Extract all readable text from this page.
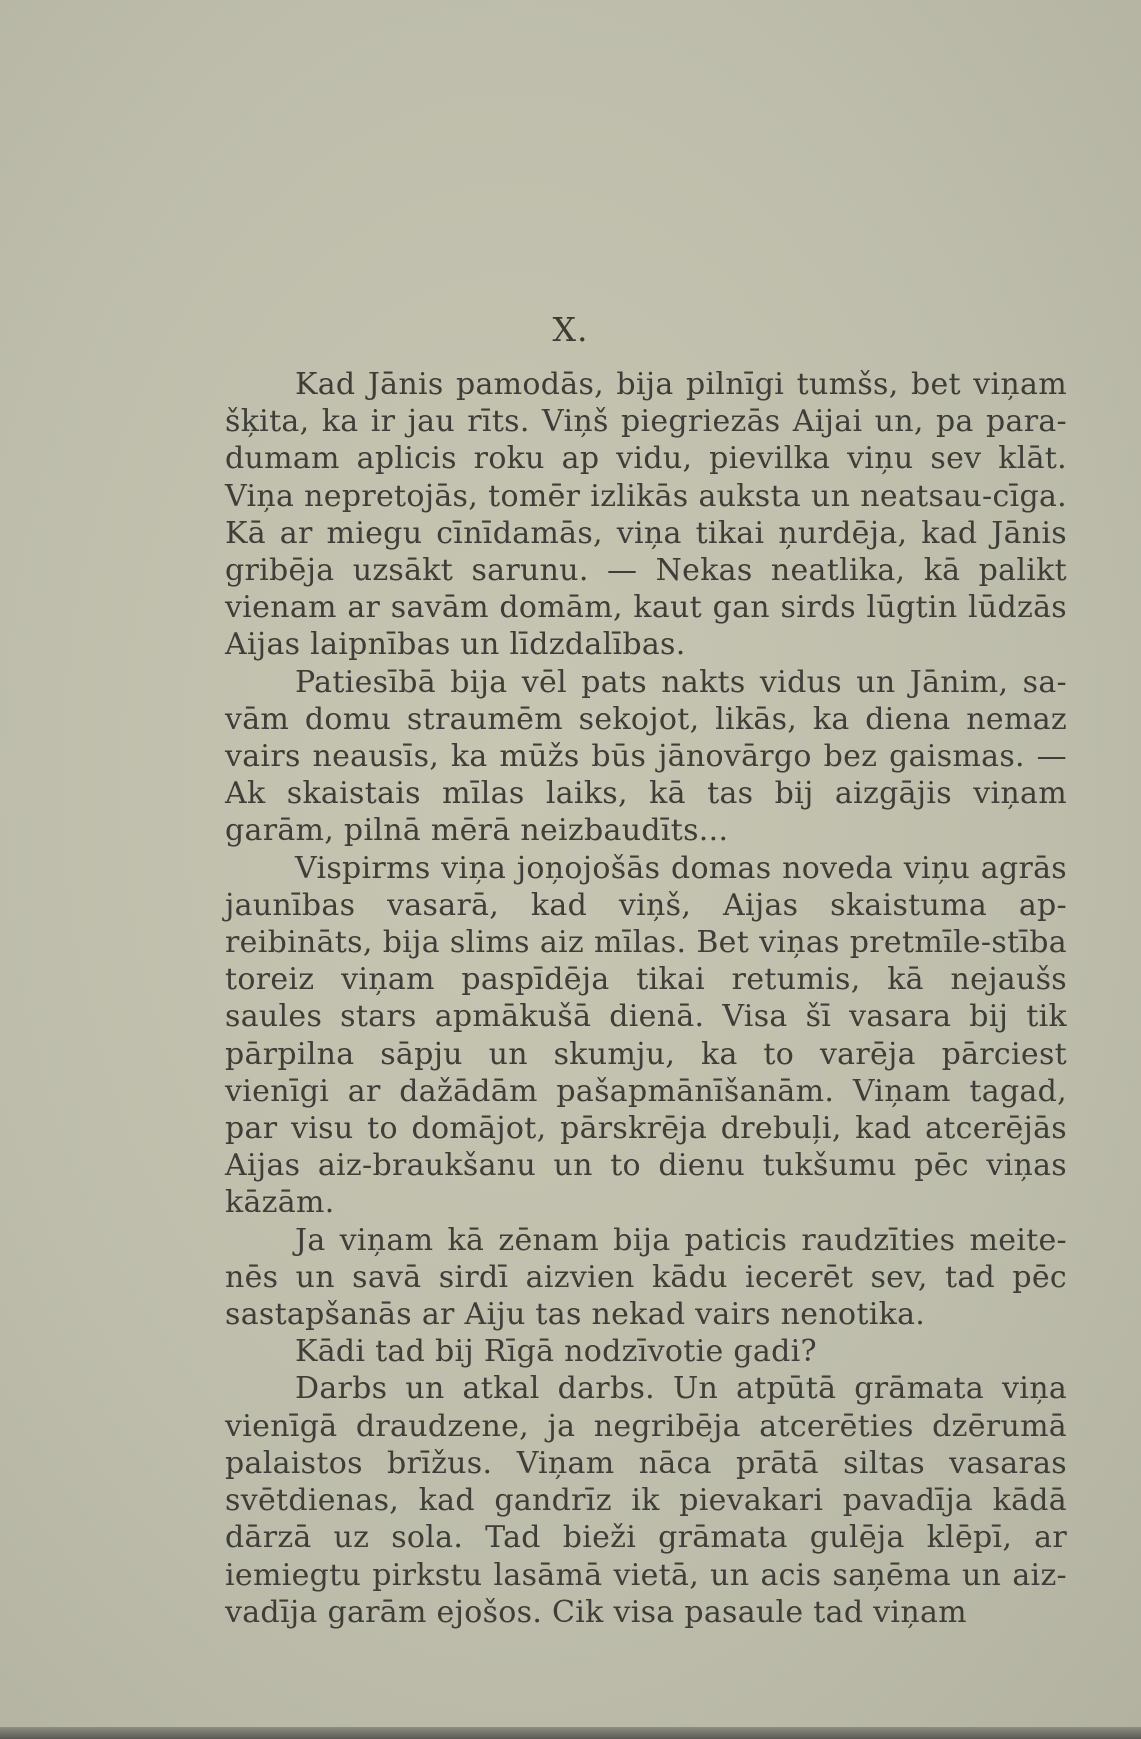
X.

Kad Jānis pamodās, bija pilnīgi tumšs, bet viņam šķita, ka ir jau rīts. Viņš piegriezās Aijai un, pa para-dumam aplicis roku ap vidu, pievilka viņu sev klāt. Viņa nepretojās, tomēr izlikās auksta un neatsau-cīga. Kā ar miegu cīnīdamās, viņa tikai ņurdēja, kad Jānis gribēja uzsākt sarunu. — Nekas neatlika, kā palikt vienam ar savām domām, kaut gan sirds lūgtin lūdzās Aijas laipnības un līdzdalības.

Patiesībā bija vēl pats nakts vidus un Jānim, sa-vām domu straumēm sekojot, likās, ka diena nemaz vairs neausīs, ka mūžs būs jānovārgo bez gaismas. — Ak skaistais mīlas laiks, kā tas bij aizgājis viņam garām, pilnā mērā neizbaudīts...

Vispirms viņa joņojošās domas noveda viņu agrās jaunības vasarā, kad viņš, Aijas skaistuma ap-reibināts, bija slims aiz mīlas. Bet viņas pretmīle-stība toreiz viņam paspīdēja tikai retumis, kā nejaušs saules stars apmākušā dienā. Visa šī vasara bij tik pārpilna sāpju un skumju, ka to varēja pārciest vienīgi ar dažādām pašapmānīšanām. Viņam tagad, par visu to domājot, pārskrēja drebuļi, kad atcerējās Aijas aiz-braukšanu un to dienu tukšumu pēc viņas kāzām.

Ja viņam kā zēnam bija paticis raudzīties meite-nēs un savā sirdī aizvien kādu iecerēt sev, tad pēc sastapšanās ar Aiju tas nekad vairs nenotika.

Kādi tad bij Rīgā nodzīvotie gadi?

Darbs un atkal darbs. Un atpūtā grāmata viņa vienīgā draudzene, ja negribēja atcerēties dzērumā palaistos brīžus. Viņam nāca prātā siltas vasaras svētdienas, kad gandrīz ik pievakari pavadīja kādā dārzā uz sola. Tad bieži grāmata gulēja klēpī, ar iemiegtu pirkstu lasāmā vietā, un acis saņēma un aiz-vadīja garām ejošos. Cik visa pasaule tad viņam
